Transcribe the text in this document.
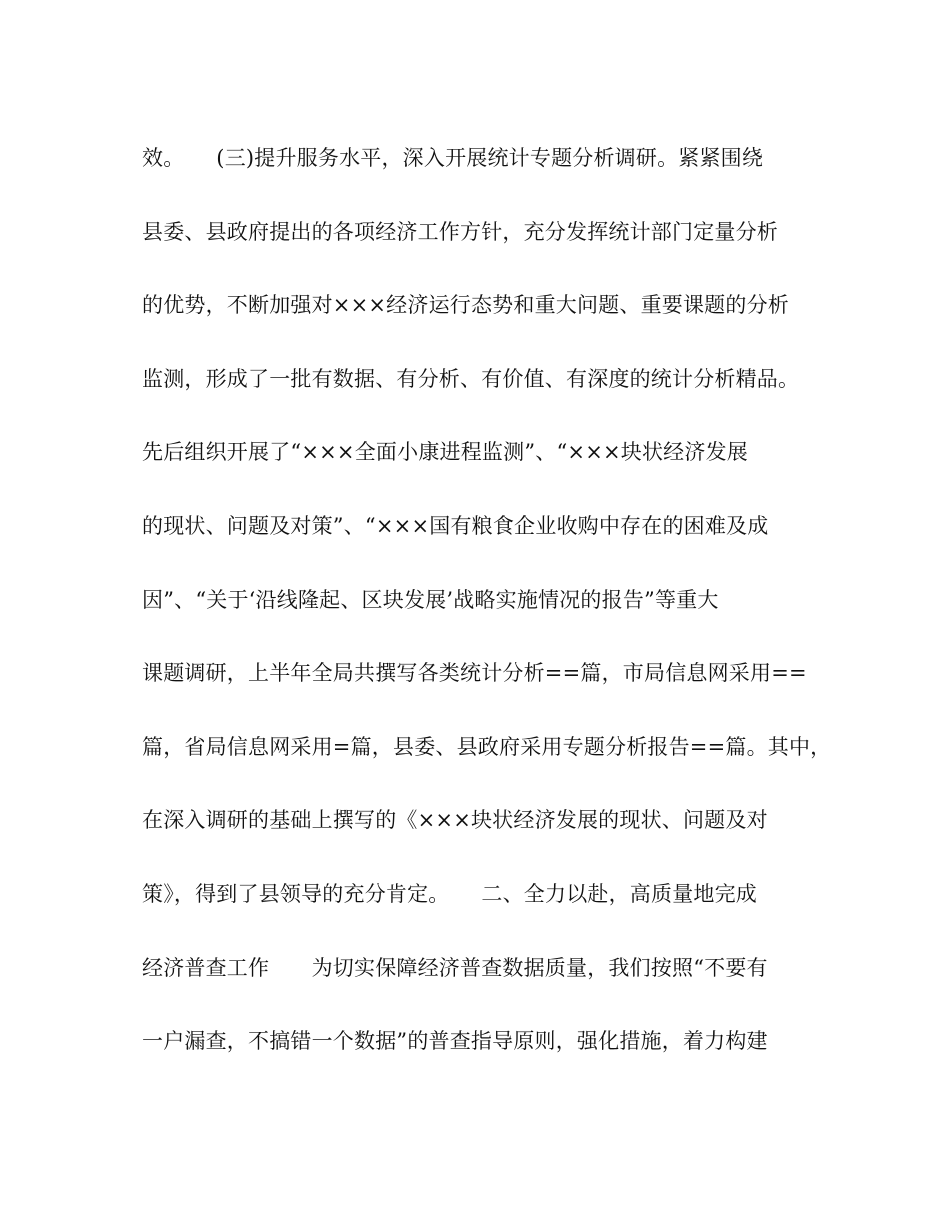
效。　　(三)提升服务水平，深入开展统计专题分析调研。紧紧围绕
县委、县政府提出的各项经济工作方针，充分发挥统计部门定量分析
的优势，不断加强对×××经济运行态势和重大问题、重要课题的分析
监测，形成了一批有数据、有分析、有价值、有深度的统计分析精品。
先后组织开展了“×××全面小康进程监测”、“×××块状经济发展
的现状、问题及对策”、“×××国有粮食企业收购中存在的困难及成
因”、“关于‘沿线隆起、区块发展’战略实施情况的报告”等重大
课题调研，上半年全局共撰写各类统计分析==篇，市局信息网采用==
篇，省局信息网采用=篇，县委、县政府采用专题分析报告==篇。其中，
在深入调研的基础上撰写的《×××块状经济发展的现状、问题及对
策》，得到了县领导的充分肯定。　　二、全力以赴，高质量地完成
经济普查工作　　为切实保障经济普查数据质量，我们按照“不要有
一户漏查，不搞错一个数据”的普查指导原则，强化措施，着力构建
